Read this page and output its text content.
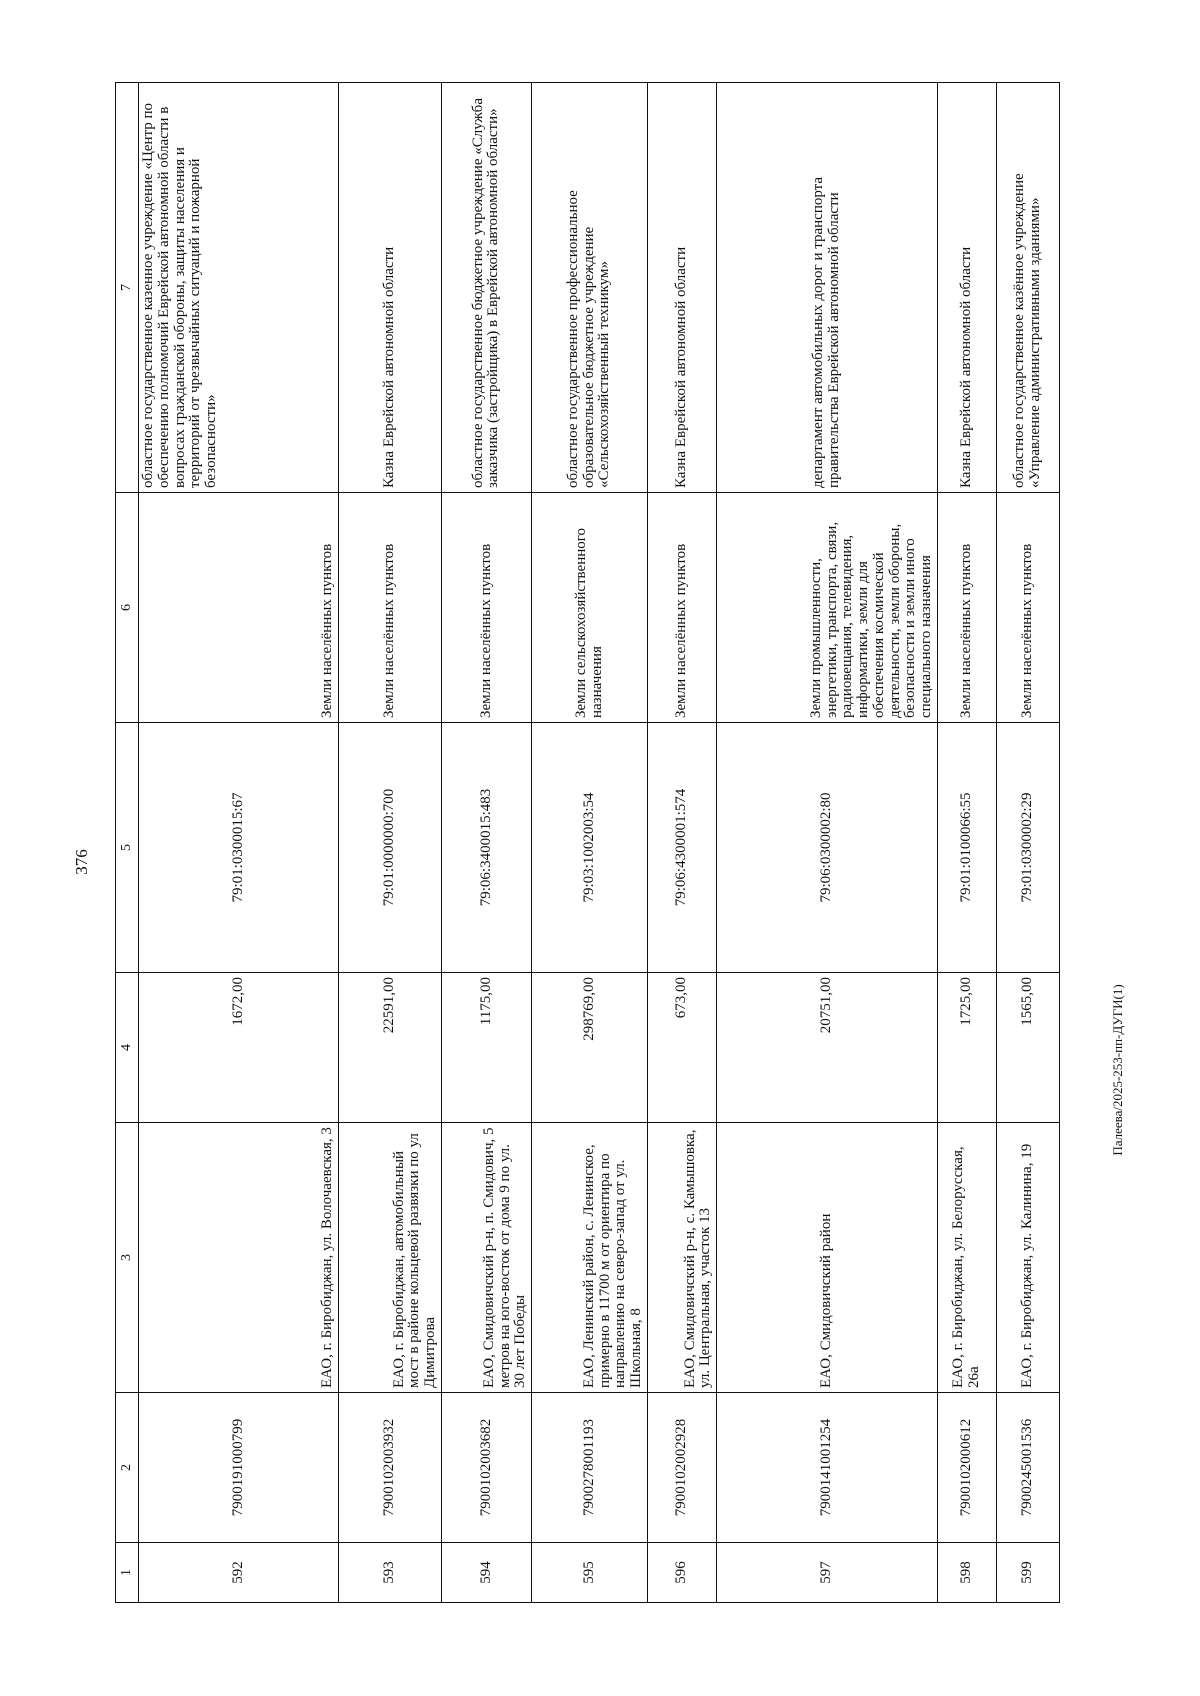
376
1	2	3	4	5	6	7
592	7900191000799	ЕАО, г. Биробиджан, ул. Волочаевская, 3	1672,00	79:01:0300015:67	Земли населённых пунктов	областное государственное казенное учреждение «Центр по обеспечению полномочий Еврейской автономной области в вопросах гражданской обороны, защиты населения и территорий от чрезвычайных ситуаций и пожарной безопасности»
593	7900102003932	ЕАО, г. Биробиджан, автомобильный мост в районе кольцевой развязки по ул Димитрова	22591,00	79:01:0000000:700	Земли населённых пунктов	Казна Еврейской автономной области
594	7900102003682	ЕАО, Смидовичский р-н, п. Смидович, 5 метров на юго-восток от дома 9 по ул. 30 лет Победы	1175,00	79:06:3400015:483	Земли населённых пунктов	областное государственное бюджетное учреждение «Служба заказчика (застройщика) в Еврейской автономной области»
595	7900278001193	ЕАО, Ленинский район, с. Ленинское, примерно в 11700 м от ориентира по направлению на северо-запад от ул. Школьная, 8	298769,00	79:03:1002003:54	Земли сельскохозяйственного назначения	областное государственное профессиональное образовательное бюджетное учреждение «Сельскохозяйственный техникум»
596	7900102002928	ЕАО, Смидовичский р-н, с. Камышовка, ул. Центральная, участок 13	673,00	79:06:4300001:574	Земли населённых пунктов	Казна Еврейской автономной области
597	7900141001254	ЕАО, Смидовичский район	20751,00	79:06:0300002:80	Земли промышленности, энергетики, транспорта, связи, радиовещания, телевидения, информатики, земли для обеспечения космической деятельности, земли обороны, безопасности и земли иного специального назначения	департамент автомобильных дорог и транспорта правительства Еврейской автономной области
598	7900102000612	ЕАО, г. Биробиджан, ул. Белорусская, 26а	1725,00	79:01:0100066:55	Земли населённых пунктов	Казна Еврейской автономной области
599	7900245001536	ЕАО, г. Биробиджан, ул. Калинина, 19	1565,00	79:01:0300002:29	Земли населённых пунктов	областное государственное казённое учреждение «Управление административными зданиями»
Палеева/2025-253-пп-ДУГИ(1)
